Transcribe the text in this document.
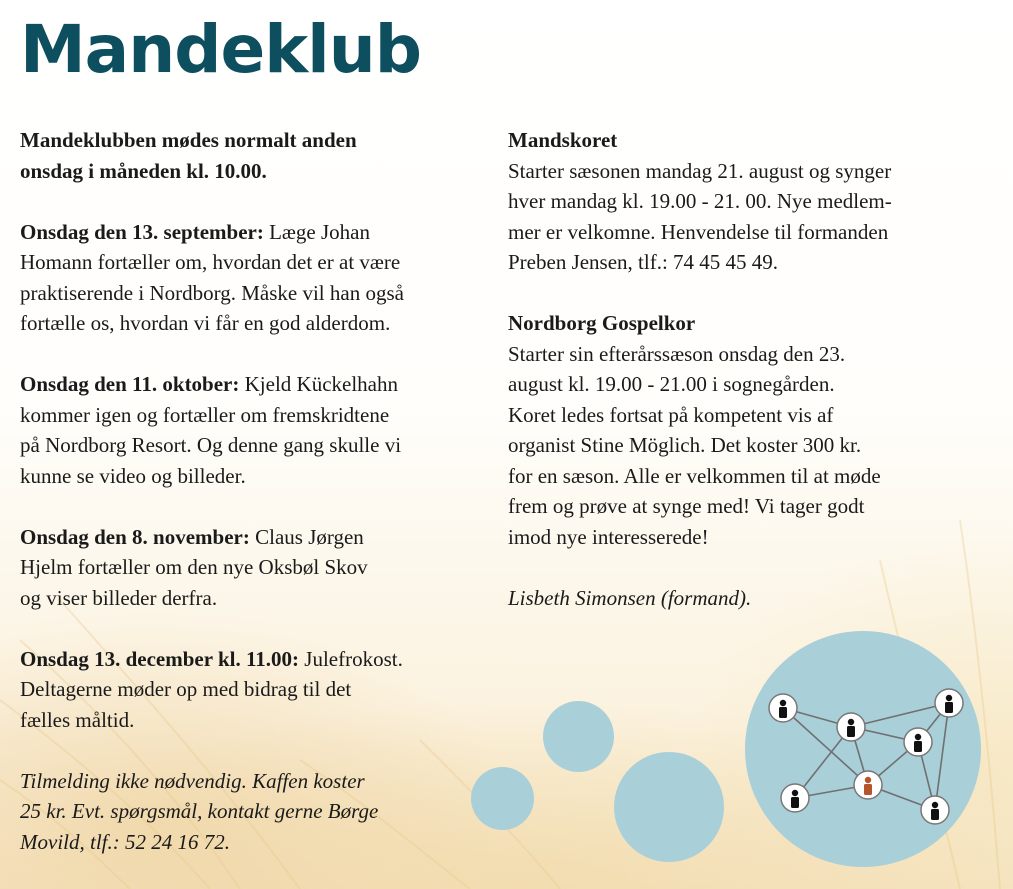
Mandeklub
Mandeklubben mødes normalt anden
onsdag i måneden kl. 10.00.
Onsdag den 13. september: Læge Johan
Homann fortæller om, hvordan det er at være
praktiserende i Nordborg. Måske vil han også
fortælle os, hvordan vi får en god alderdom.
Onsdag den 11. oktober: Kjeld Kückelhahn
kommer igen og fortæller om fremskridtene
på Nordborg Resort. Og denne gang skulle vi
kunne se video og billeder.
Onsdag den 8. november: Claus Jørgen
Hjelm fortæller om den nye Oksbøl Skov
og viser billeder derfra.
Onsdag 13. december kl. 11.00: Julefrokost.
Deltagerne møder op med bidrag til det
fælles måltid.
Tilmelding ikke nødvendig. Kaffen koster
25 kr. Evt. spørgsmål, kontakt gerne Børge
Movild, tlf.: 52 24 16 72.
Mandskoret
Starter sæsonen mandag 21. august og synger
hver mandag kl. 19.00 - 21. 00. Nye medlem-
mer er velkomne. Henvendelse til formanden
Preben Jensen, tlf.: 74 45 45 49.
Nordborg Gospelkor
Starter sin efterårssæson onsdag den 23.
august kl. 19.00 - 21.00 i sognegården.
Koret ledes fortsat på kompetent vis af
organist Stine Möglich. Det koster 300 kr.
for en sæson. Alle er velkommen til at møde
frem og prøve at synge med! Vi tager godt
imod nye interesserede!
Lisbeth Simonsen (formand).
